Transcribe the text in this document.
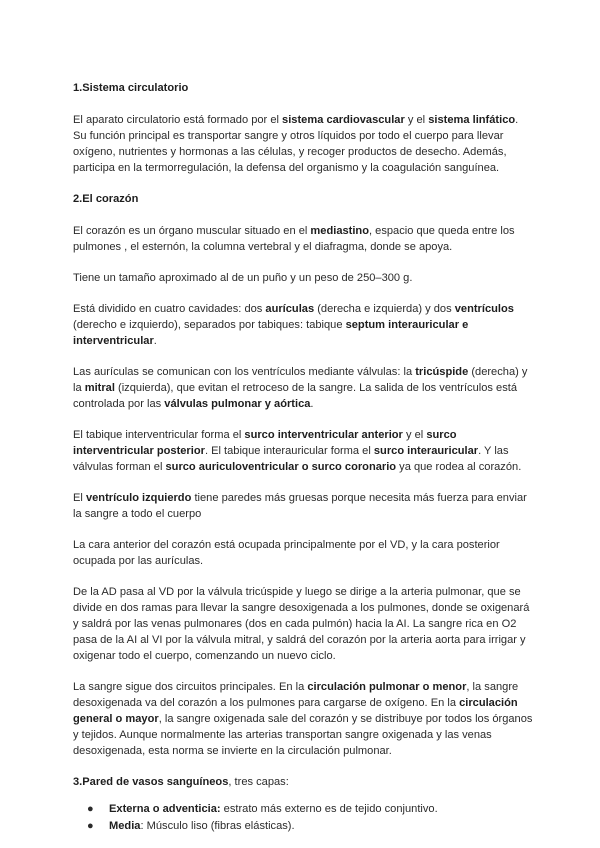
1.Sistema circulatorio

El aparato circulatorio está formado por el sistema cardiovascular y el sistema linfático. Su función principal es transportar sangre y otros líquidos por todo el cuerpo para llevar oxígeno, nutrientes y hormonas a las células, y recoger productos de desecho. Además, participa en la termorregulación, la defensa del organismo y la coagulación sanguínea.

2.El corazón

El corazón es un órgano muscular situado en el mediastino, espacio que queda entre los pulmones , el esternón, la columna vertebral y el diafragma, donde se apoya.

Tiene un tamaño aproximado al de un puño y un peso de 250–300 g.

Está dividido en cuatro cavidades: dos aurículas (derecha e izquierda) y dos ventrículos (derecho e izquierdo), separados por tabiques: tabique septum interauricular e interventricular.

Las aurículas se comunican con los ventrículos mediante válvulas: la tricúspide (derecha) y la mitral (izquierda), que evitan el retroceso de la sangre. La salida de los ventrículos está controlada por las válvulas pulmonar y aórtica.

El tabique interventricular forma el surco interventricular anterior y el surco interventricular posterior. El tabique interauricular forma el surco interauricular. Y las válvulas forman el surco auriculoventricular o surco coronario ya que rodea al corazón.

El ventrículo izquierdo tiene paredes más gruesas porque necesita más fuerza para enviar la sangre a todo el cuerpo

La cara anterior del corazón está ocupada principalmente por el VD, y la cara posterior ocupada por las aurículas.

De la AD pasa al VD por la válvula tricúspide y luego se dirige a la arteria pulmonar, que se divide en dos ramas para llevar la sangre desoxigenada a los pulmones, donde se oxigenará y saldrá por las venas pulmonares (dos en cada pulmón) hacia la AI. La sangre rica en O2 pasa de la AI al VI por la válvula mitral, y saldrá del corazón por la arteria aorta para irrigar y oxigenar todo el cuerpo, comenzando un nuevo ciclo.

La sangre sigue dos circuitos principales. En la circulación pulmonar o menor, la sangre desoxigenada va del corazón a los pulmones para cargarse de oxígeno. En la circulación general o mayor, la sangre oxigenada sale del corazón y se distribuye por todos los órganos y tejidos. Aunque normalmente las arterias transportan sangre oxigenada y las venas desoxigenada, esta norma se invierte en la circulación pulmonar.

3.Pared de vasos sanguíneos, tres capas:

● Externa o adventicia: estrato más externo es de tejido conjuntivo.
● Media: Músculo liso (fibras elásticas).
